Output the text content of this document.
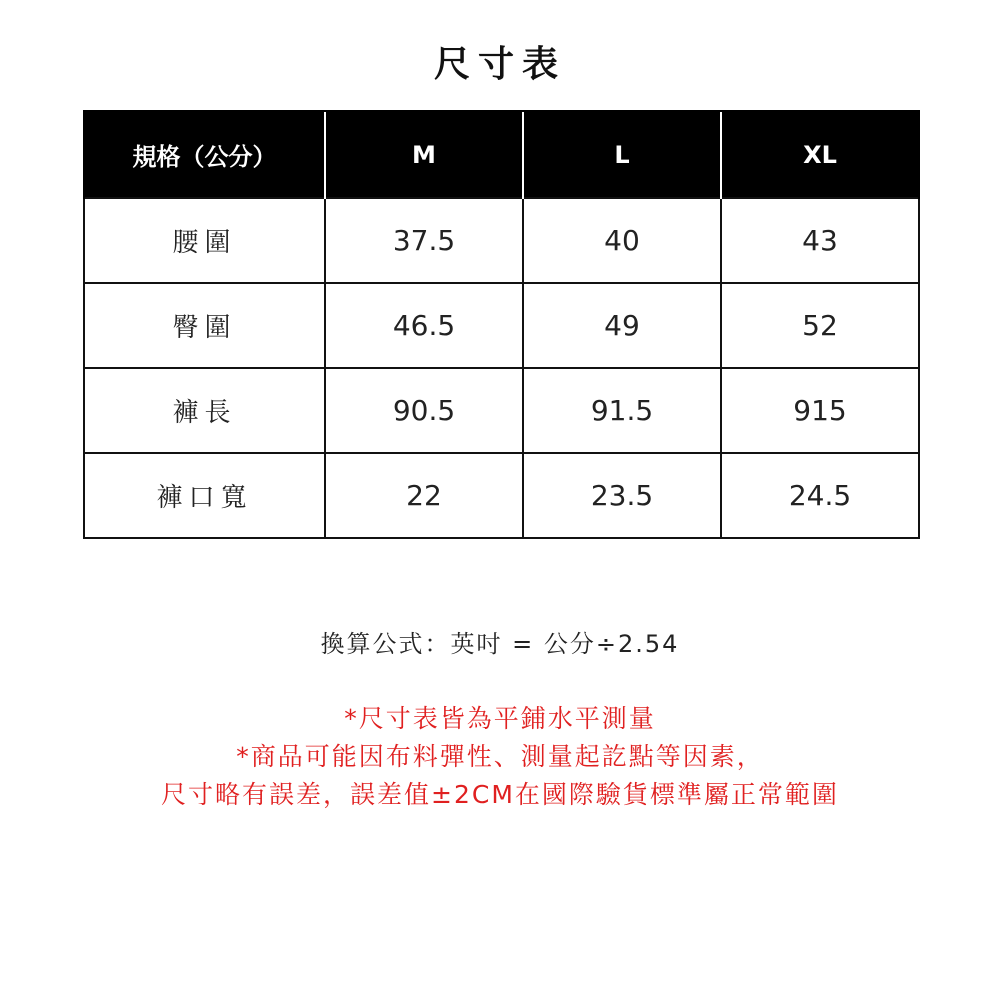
尺寸表
規格（公分）	M	L	XL
腰圍	37.5	40	43
臀圍	46.5	49	52
褲長	90.5	91.5	915
褲口寬	22	23.5	24.5
換算公式：英吋 = 公分÷2.54
*尺寸表皆為平鋪水平測量
*商品可能因布料彈性、測量起訖點等因素，
尺寸略有誤差，誤差值±2CM在國際驗貨標準屬正常範圍
